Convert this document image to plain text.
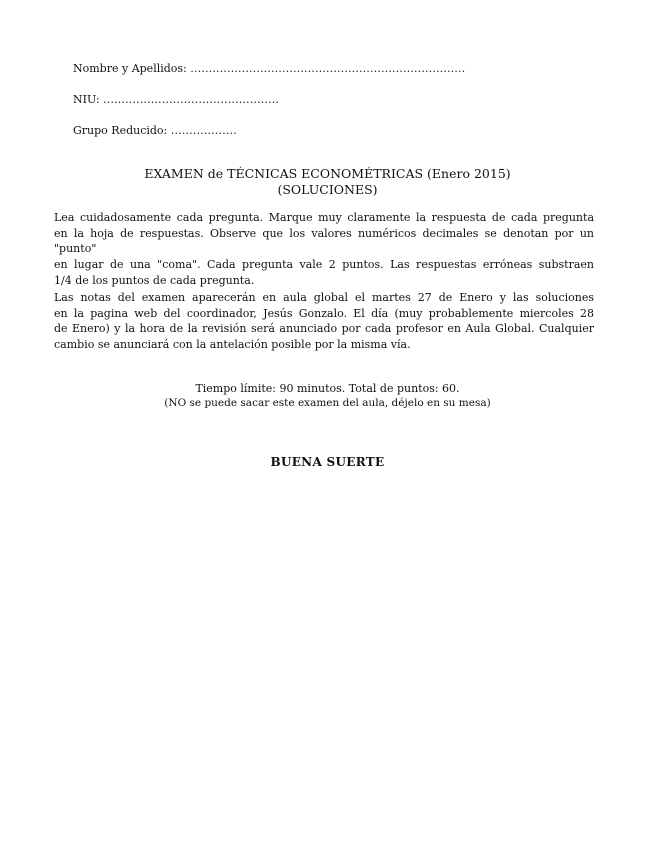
Nombre y Apellidos: …………………………………………………………………
NIU: …………………………………………
Grupo Reducido: ………………
EXAMEN de TÉCNICAS ECONOMÉTRICAS (Enero 2015)
(SOLUCIONES)
Lea cuidadosamente cada pregunta. Marque muy claramente la respuesta de cada pregunta
en la hoja de respuestas. Observe que los valores numéricos decimales se denotan por un "punto"
en lugar de una "coma". Cada pregunta vale 2 puntos. Las respuestas erróneas substraen
1/4 de los puntos de cada pregunta.
Las notas del examen aparecerán en aula global el martes 27 de Enero y las soluciones
en la pagina web del coordinador, Jesús Gonzalo. El día (muy probablemente miercoles 28
de Enero) y la hora de la revisión será anunciado por cada profesor en Aula Global. Cualquier
cambio se anunciará con la antelación posible por la misma vía.
Tiempo límite: 90 minutos. Total de puntos: 60.
(NO se puede sacar este examen del aula, déjelo en su mesa)
BUENA SUERTE
